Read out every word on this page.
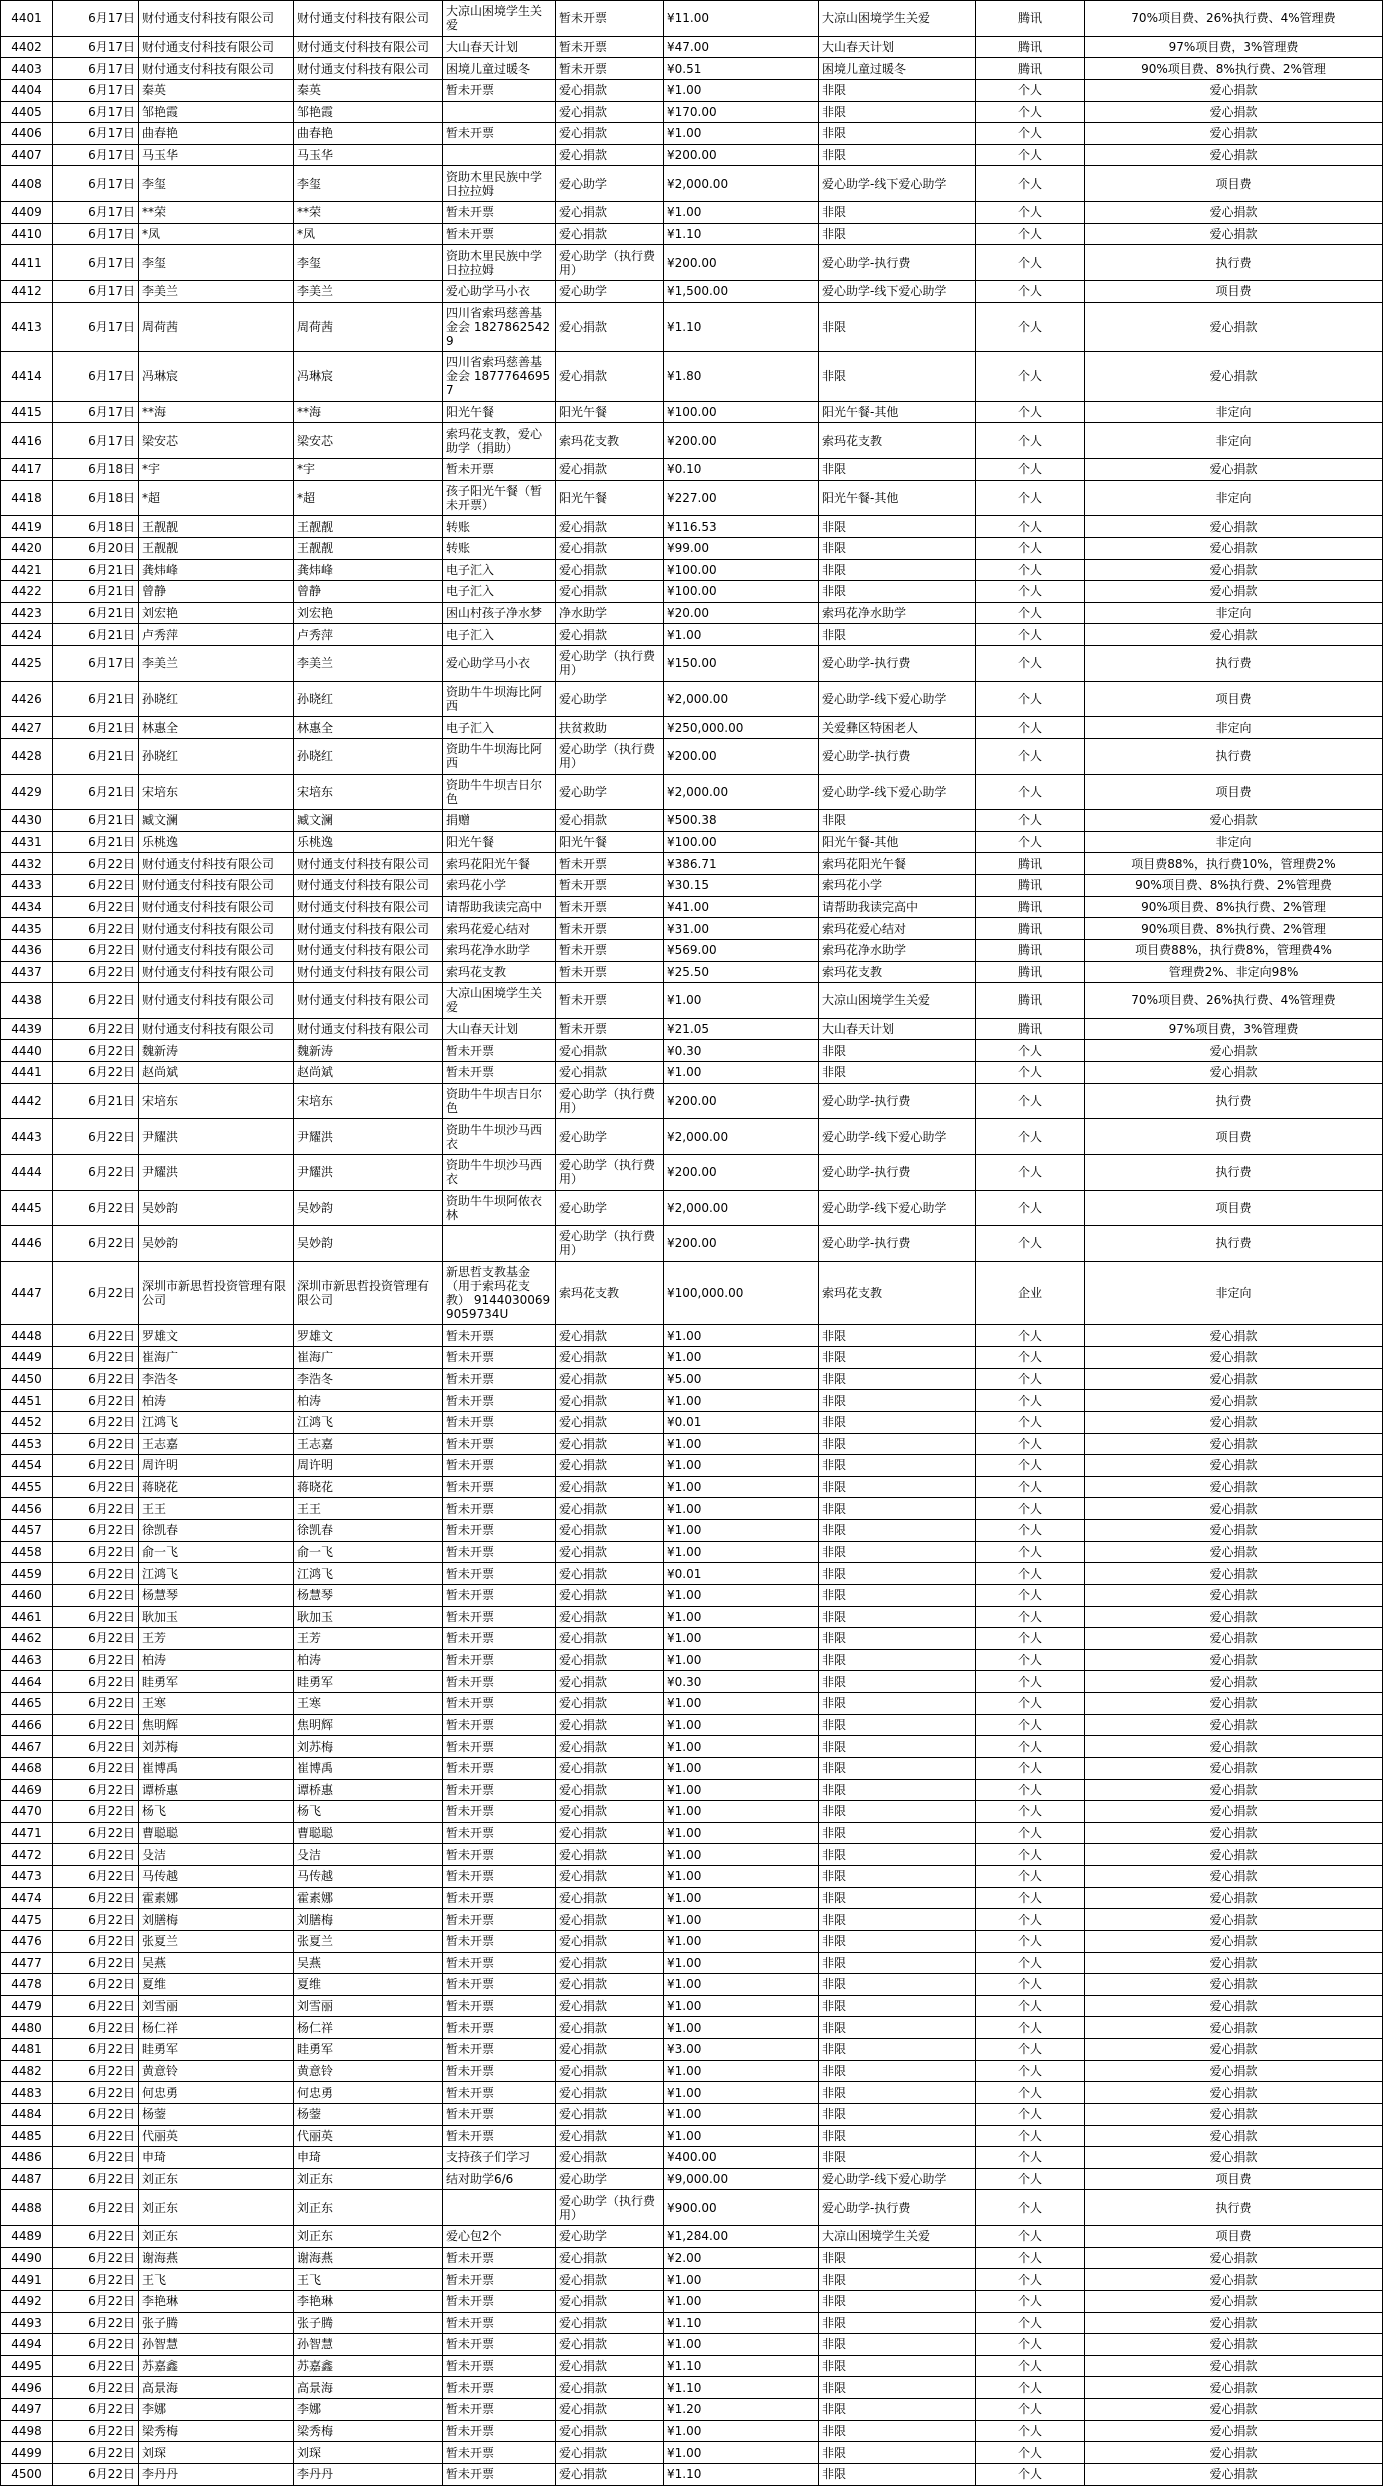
4401	6月17日	财付通支付科技有限公司	财付通支付科技有限公司	大凉山困境学生关爱	暂未开票	¥11.00	大凉山困境学生关爱	腾讯	70%项目费、26%执行费、4%管理费
4402	6月17日	财付通支付科技有限公司	财付通支付科技有限公司	大山春天计划	暂未开票	¥47.00	大山春天计划	腾讯	97%项目费，3%管理费
4403	6月17日	财付通支付科技有限公司	财付通支付科技有限公司	困境儿童过暖冬	暂未开票	¥0.51	困境儿童过暖冬	腾讯	90%项目费、8%执行费、2%管理
4404	6月17日	秦英	秦英	暂未开票	爱心捐款	¥1.00	非限	个人	爱心捐款
4405	6月17日	邹艳霞	邹艳霞		爱心捐款	¥170.00	非限	个人	爱心捐款
4406	6月17日	曲春艳	曲春艳	暂未开票	爱心捐款	¥1.00	非限	个人	爱心捐款
4407	6月17日	马玉华	马玉华		爱心捐款	¥200.00	非限	个人	爱心捐款
4408	6月17日	李玺	李玺	资助木里民族中学日拉拉姆	爱心助学	¥2,000.00	爱心助学-线下爱心助学	个人	项目费
4409	6月17日	**荣	**荣	暂未开票	爱心捐款	¥1.00	非限	个人	爱心捐款
4410	6月17日	*凤	*凤	暂未开票	爱心捐款	¥1.10	非限	个人	爱心捐款
4411	6月17日	李玺	李玺	资助木里民族中学日拉拉姆	爱心助学（执行费用）	¥200.00	爱心助学-执行费	个人	执行费
4412	6月17日	李美兰	李美兰	爱心助学马小衣	爱心助学	¥1,500.00	爱心助学-线下爱心助学	个人	项目费
4413	6月17日	周荷茜	周荷茜	四川省索玛慈善基金会 18278625429	爱心捐款	¥1.10	非限	个人	爱心捐款
4414	6月17日	冯琳宸	冯琳宸	四川省索玛慈善基金会 18777646957	爱心捐款	¥1.80	非限	个人	爱心捐款
4415	6月17日	**海	**海	阳光午餐	阳光午餐	¥100.00	阳光午餐-其他	个人	非定向
4416	6月17日	梁安芯	梁安芯	索玛花支教，爱心助学（捐助）	索玛花支教	¥200.00	索玛花支教	个人	非定向
4417	6月18日	*宇	*宇	暂未开票	爱心捐款	¥0.10	非限	个人	爱心捐款
4418	6月18日	*超	*超	孩子阳光午餐（暂未开票）	阳光午餐	¥227.00	阳光午餐-其他	个人	非定向
4419	6月18日	王靓靓	王靓靓	转账	爱心捐款	¥116.53	非限	个人	爱心捐款
4420	6月20日	王靓靓	王靓靓	转账	爱心捐款	¥99.00	非限	个人	爱心捐款
4421	6月21日	龚炜峰	龚炜峰	电子汇入	爱心捐款	¥100.00	非限	个人	爱心捐款
4422	6月21日	曾静	曾静	电子汇入	爱心捐款	¥100.00	非限	个人	爱心捐款
4423	6月21日	刘宏艳	刘宏艳	困山村孩子净水梦	净水助学	¥20.00	索玛花净水助学	个人	非定向
4424	6月21日	卢秀萍	卢秀萍	电子汇入	爱心捐款	¥1.00	非限	个人	爱心捐款
4425	6月17日	李美兰	李美兰	爱心助学马小衣	爱心助学（执行费用）	¥150.00	爱心助学-执行费	个人	执行费
4426	6月21日	孙晓红	孙晓红	资助牛牛坝海比阿西	爱心助学	¥2,000.00	爱心助学-线下爱心助学	个人	项目费
4427	6月21日	林惠全	林惠全	电子汇入	扶贫救助	¥250,000.00	关爱彝区特困老人	个人	非定向
4428	6月21日	孙晓红	孙晓红	资助牛牛坝海比阿西	爱心助学（执行费用）	¥200.00	爱心助学-执行费	个人	执行费
4429	6月21日	宋培东	宋培东	资助牛牛坝吉日尔色	爱心助学	¥2,000.00	爱心助学-线下爱心助学	个人	项目费
4430	6月21日	臧文澜	臧文澜	捐赠	爱心捐款	¥500.38	非限	个人	爱心捐款
4431	6月21日	乐桃逸	乐桃逸	阳光午餐	阳光午餐	¥100.00	阳光午餐-其他	个人	非定向
4432	6月22日	财付通支付科技有限公司	财付通支付科技有限公司	索玛花阳光午餐	暂未开票	¥386.71	索玛花阳光午餐	腾讯	项目费88%，执行费10%，管理费2%
4433	6月22日	财付通支付科技有限公司	财付通支付科技有限公司	索玛花小学	暂未开票	¥30.15	索玛花小学	腾讯	90%项目费、8%执行费、2%管理费
4434	6月22日	财付通支付科技有限公司	财付通支付科技有限公司	请帮助我读完高中	暂未开票	¥41.00	请帮助我读完高中	腾讯	90%项目费、8%执行费、2%管理
4435	6月22日	财付通支付科技有限公司	财付通支付科技有限公司	索玛花爱心结对	暂未开票	¥31.00	索玛花爱心结对	腾讯	90%项目费、8%执行费、2%管理
4436	6月22日	财付通支付科技有限公司	财付通支付科技有限公司	索玛花净水助学	暂未开票	¥569.00	索玛花净水助学	腾讯	项目费88%，执行费8%，管理费4%
4437	6月22日	财付通支付科技有限公司	财付通支付科技有限公司	索玛花支教	暂未开票	¥25.50	索玛花支教	腾讯	管理费2%、非定向98%
4438	6月22日	财付通支付科技有限公司	财付通支付科技有限公司	大凉山困境学生关爱	暂未开票	¥1.00	大凉山困境学生关爱	腾讯	70%项目费、26%执行费、4%管理费
4439	6月22日	财付通支付科技有限公司	财付通支付科技有限公司	大山春天计划	暂未开票	¥21.05	大山春天计划	腾讯	97%项目费，3%管理费
4440	6月22日	魏新涛	魏新涛	暂未开票	爱心捐款	¥0.30	非限	个人	爱心捐款
4441	6月22日	赵尚斌	赵尚斌	暂未开票	爱心捐款	¥1.00	非限	个人	爱心捐款
4442	6月21日	宋培东	宋培东	资助牛牛坝吉日尔色	爱心助学（执行费用）	¥200.00	爱心助学-执行费	个人	执行费
4443	6月22日	尹耀洪	尹耀洪	资助牛牛坝沙马西衣	爱心助学	¥2,000.00	爱心助学-线下爱心助学	个人	项目费
4444	6月22日	尹耀洪	尹耀洪	资助牛牛坝沙马西衣	爱心助学（执行费用）	¥200.00	爱心助学-执行费	个人	执行费
4445	6月22日	吴妙韵	吴妙韵	资助牛牛坝阿侬衣林	爱心助学	¥2,000.00	爱心助学-线下爱心助学	个人	项目费
4446	6月22日	吴妙韵	吴妙韵		爱心助学（执行费用）	¥200.00	爱心助学-执行费	个人	执行费
4447	6月22日	深圳市新思哲投资管理有限公司	深圳市新思哲投资管理有限公司	新思哲支教基金（用于索玛花支教） 91440300699059734U	索玛花支教	¥100,000.00	索玛花支教	企业	非定向
4448	6月22日	罗雄文	罗雄文	暂未开票	爱心捐款	¥1.00	非限	个人	爱心捐款
4449	6月22日	崔海广	崔海广	暂未开票	爱心捐款	¥1.00	非限	个人	爱心捐款
4450	6月22日	李浩冬	李浩冬	暂未开票	爱心捐款	¥5.00	非限	个人	爱心捐款
4451	6月22日	柏涛	柏涛	暂未开票	爱心捐款	¥1.00	非限	个人	爱心捐款
4452	6月22日	江鸿飞	江鸿飞	暂未开票	爱心捐款	¥0.01	非限	个人	爱心捐款
4453	6月22日	王志嘉	王志嘉	暂未开票	爱心捐款	¥1.00	非限	个人	爱心捐款
4454	6月22日	周许明	周许明	暂未开票	爱心捐款	¥1.00	非限	个人	爱心捐款
4455	6月22日	蒋晓花	蒋晓花	暂未开票	爱心捐款	¥1.00	非限	个人	爱心捐款
4456	6月22日	王王	王王	暂未开票	爱心捐款	¥1.00	非限	个人	爱心捐款
4457	6月22日	徐凯春	徐凯春	暂未开票	爱心捐款	¥1.00	非限	个人	爱心捐款
4458	6月22日	俞一飞	俞一飞	暂未开票	爱心捐款	¥1.00	非限	个人	爱心捐款
4459	6月22日	江鸿飞	江鸿飞	暂未开票	爱心捐款	¥0.01	非限	个人	爱心捐款
4460	6月22日	杨慧琴	杨慧琴	暂未开票	爱心捐款	¥1.00	非限	个人	爱心捐款
4461	6月22日	耿加玉	耿加玉	暂未开票	爱心捐款	¥1.00	非限	个人	爱心捐款
4462	6月22日	王芳	王芳	暂未开票	爱心捐款	¥1.00	非限	个人	爱心捐款
4463	6月22日	柏涛	柏涛	暂未开票	爱心捐款	¥1.00	非限	个人	爱心捐款
4464	6月22日	眭勇军	眭勇军	暂未开票	爱心捐款	¥0.30	非限	个人	爱心捐款
4465	6月22日	王寒	王寒	暂未开票	爱心捐款	¥1.00	非限	个人	爱心捐款
4466	6月22日	焦明辉	焦明辉	暂未开票	爱心捐款	¥1.00	非限	个人	爱心捐款
4467	6月22日	刘苏梅	刘苏梅	暂未开票	爱心捐款	¥1.00	非限	个人	爱心捐款
4468	6月22日	崔博禹	崔博禹	暂未开票	爱心捐款	¥1.00	非限	个人	爱心捐款
4469	6月22日	谭桥惠	谭桥惠	暂未开票	爱心捐款	¥1.00	非限	个人	爱心捐款
4470	6月22日	杨飞	杨飞	暂未开票	爱心捐款	¥1.00	非限	个人	爱心捐款
4471	6月22日	曹聪聪	曹聪聪	暂未开票	爱心捐款	¥1.00	非限	个人	爱心捐款
4472	6月22日	殳洁	殳洁	暂未开票	爱心捐款	¥1.00	非限	个人	爱心捐款
4473	6月22日	马传越	马传越	暂未开票	爱心捐款	¥1.00	非限	个人	爱心捐款
4474	6月22日	霍素娜	霍素娜	暂未开票	爱心捐款	¥1.00	非限	个人	爱心捐款
4475	6月22日	刘膳梅	刘膳梅	暂未开票	爱心捐款	¥1.00	非限	个人	爱心捐款
4476	6月22日	张夏兰	张夏兰	暂未开票	爱心捐款	¥1.00	非限	个人	爱心捐款
4477	6月22日	吴燕	吴燕	暂未开票	爱心捐款	¥1.00	非限	个人	爱心捐款
4478	6月22日	夏维	夏维	暂未开票	爱心捐款	¥1.00	非限	个人	爱心捐款
4479	6月22日	刘雪丽	刘雪丽	暂未开票	爱心捐款	¥1.00	非限	个人	爱心捐款
4480	6月22日	杨仁祥	杨仁祥	暂未开票	爱心捐款	¥1.00	非限	个人	爱心捐款
4481	6月22日	眭勇军	眭勇军	暂未开票	爱心捐款	¥3.00	非限	个人	爱心捐款
4482	6月22日	黄意铃	黄意铃	暂未开票	爱心捐款	¥1.00	非限	个人	爱心捐款
4483	6月22日	何忠勇	何忠勇	暂未开票	爱心捐款	¥1.00	非限	个人	爱心捐款
4484	6月22日	杨蓥	杨蓥	暂未开票	爱心捐款	¥1.00	非限	个人	爱心捐款
4485	6月22日	代丽英	代丽英	暂未开票	爱心捐款	¥1.00	非限	个人	爱心捐款
4486	6月22日	申琦	申琦	支持孩子们学习	爱心捐款	¥400.00	非限	个人	爱心捐款
4487	6月22日	刘正东	刘正东	结对助学6/6	爱心助学	¥9,000.00	爱心助学-线下爱心助学	个人	项目费
4488	6月22日	刘正东	刘正东		爱心助学（执行费用）	¥900.00	爱心助学-执行费	个人	执行费
4489	6月22日	刘正东	刘正东	爱心包2个	爱心助学	¥1,284.00	大凉山困境学生关爱	个人	项目费
4490	6月22日	谢海燕	谢海燕	暂未开票	爱心捐款	¥2.00	非限	个人	爱心捐款
4491	6月22日	王飞	王飞	暂未开票	爱心捐款	¥1.00	非限	个人	爱心捐款
4492	6月22日	李艳琳	李艳琳	暂未开票	爱心捐款	¥1.00	非限	个人	爱心捐款
4493	6月22日	张子腾	张子腾	暂未开票	爱心捐款	¥1.10	非限	个人	爱心捐款
4494	6月22日	孙智慧	孙智慧	暂未开票	爱心捐款	¥1.00	非限	个人	爱心捐款
4495	6月22日	苏嘉鑫	苏嘉鑫	暂未开票	爱心捐款	¥1.10	非限	个人	爱心捐款
4496	6月22日	高景海	高景海	暂未开票	爱心捐款	¥1.10	非限	个人	爱心捐款
4497	6月22日	李娜	李娜	暂未开票	爱心捐款	¥1.20	非限	个人	爱心捐款
4498	6月22日	梁秀梅	梁秀梅	暂未开票	爱心捐款	¥1.00	非限	个人	爱心捐款
4499	6月22日	刘琛	刘琛	暂未开票	爱心捐款	¥1.00	非限	个人	爱心捐款
4500	6月22日	李丹丹	李丹丹	暂未开票	爱心捐款	¥1.10	非限	个人	爱心捐款
